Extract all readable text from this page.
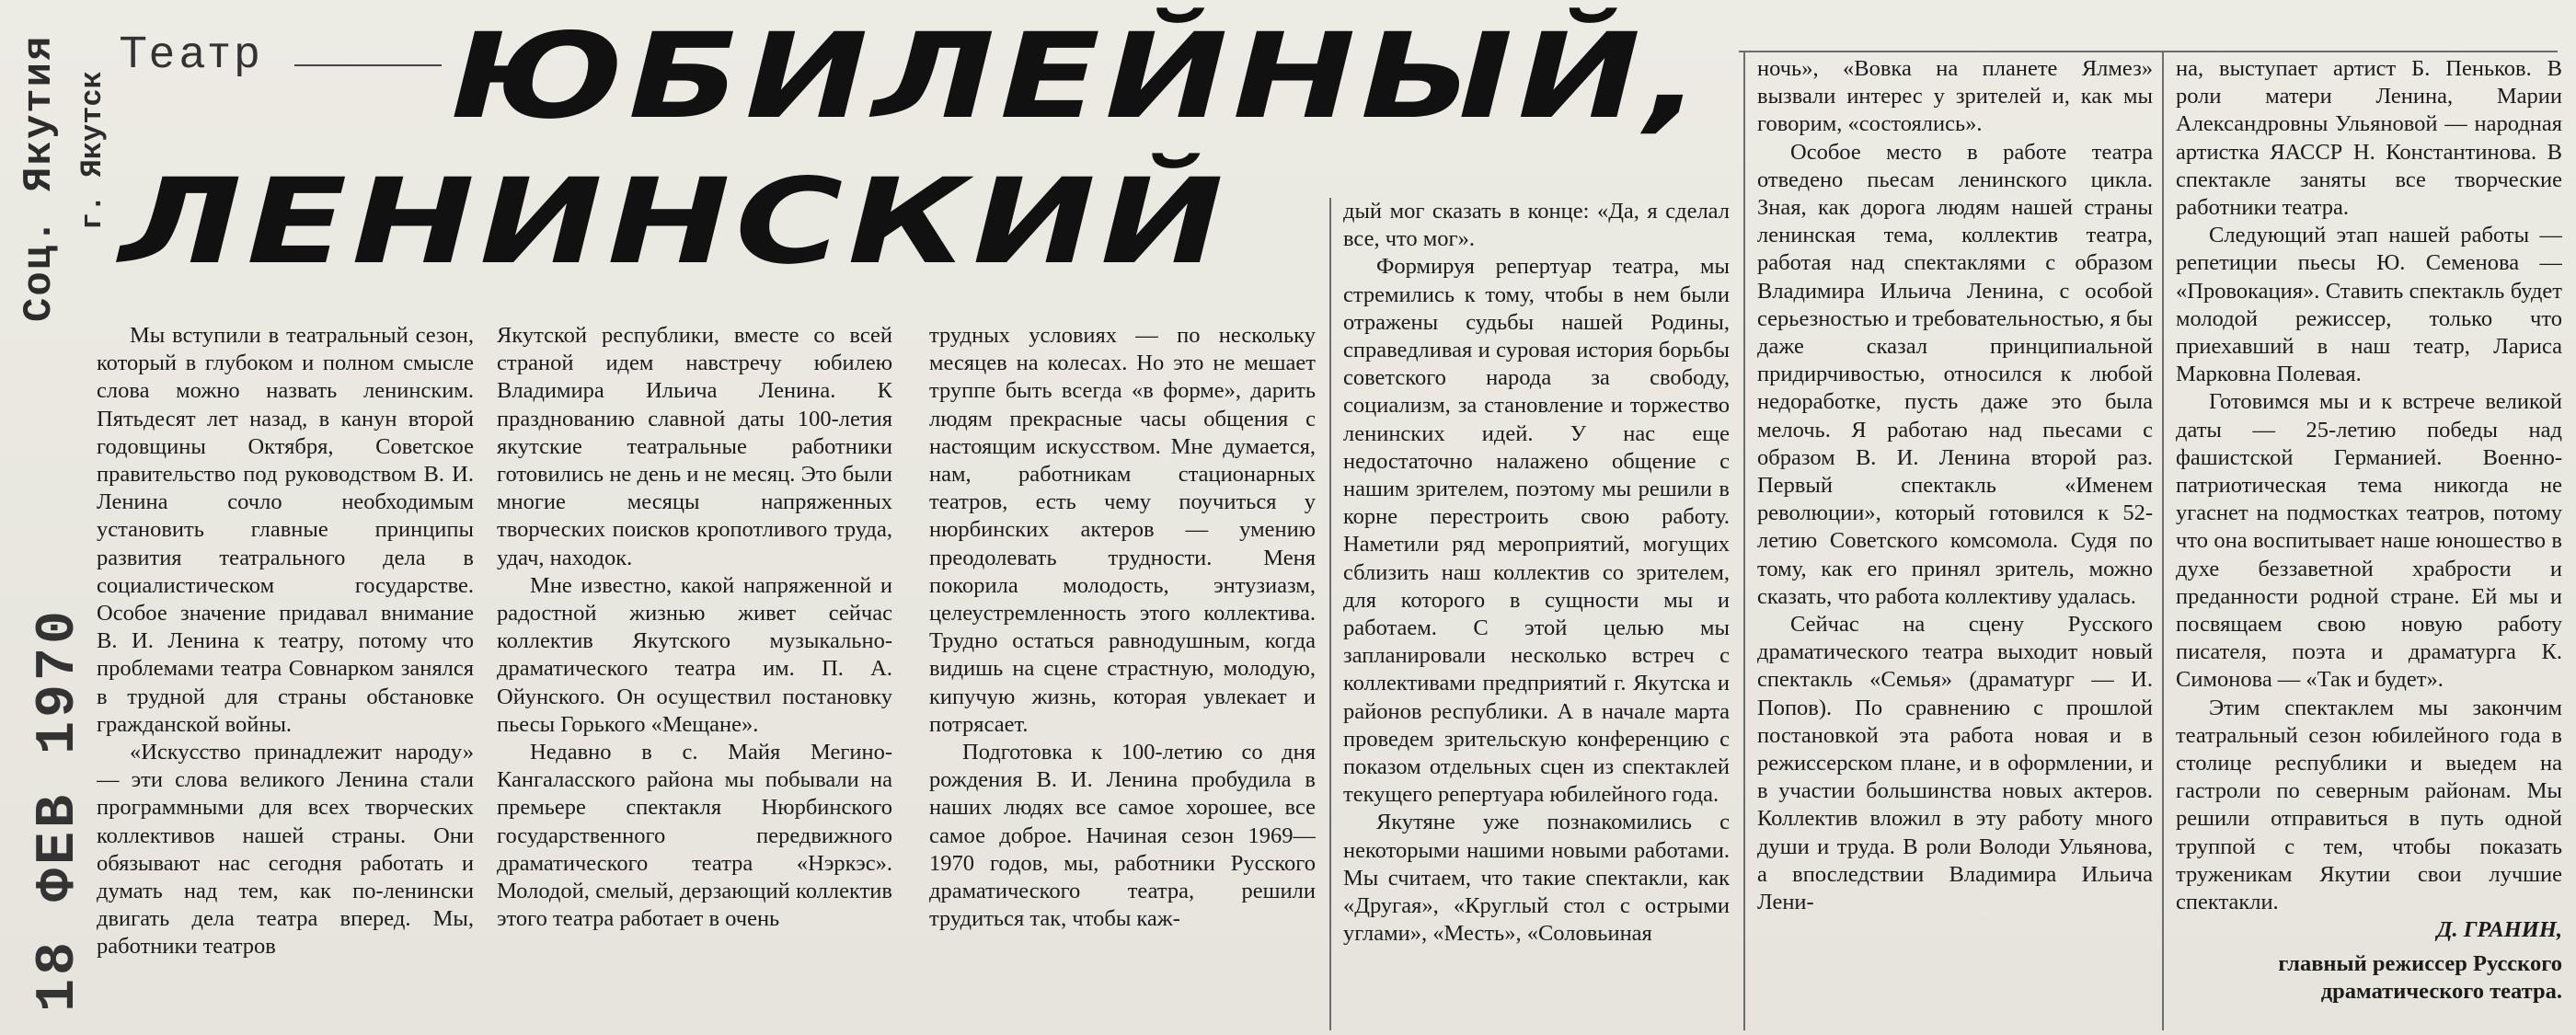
Соц. Якутия г. Якутск
18 ФЕВ 1970
Театр ЮБИЛЕЙНЫЙ,
ЛЕНИНСКИЙ

Мы вступили в театральный сезон, который в глубоком и полном смысле слова можно назвать ленинским. Пятьдесят лет назад, в канун второй годовщины Октября, Советское правительство под руководством В. И. Ленина сочло необходимым установить главные принципы развития театрального дела в социалистическом государстве. Особое значение придавал внимание В. И. Ленина к театру, потому что проблемами театра Совнарком занялся в трудной для страны обстановке гражданской войны.

«Искусство принадлежит народу» — эти слова великого Ленина стали программными для всех творческих коллективов нашей страны. Они обязывают нас сегодня работать и думать над тем, как по-ленински двигать дела театра вперед. Мы, работники театров

Якутской республики, вместе со всей страной идем навстречу юбилею Владимира Ильича Ленина. К празднованию славной даты 100-летия якутские театральные работники готовились не день и не месяц. Это были многие месяцы напряженных творческих поисков кропотливого труда, удач, находок.

Мне известно, какой напряженной и радостной жизнью живет сейчас коллектив Якутского музыкально-драматического театра им. П. А. Ойунского. Он осуществил постановку пьесы Горького «Мещане».

Недавно в с. Майя Мегино-Кангаласского района мы побывали на премьере спектакля Нюрбинского государственного передвижного драматического театра «Нэркэс». Молодой, смелый, дерзающий коллектив этого театра работает в очень

трудных условиях — по нескольку месяцев на колесах. Но это не мешает труппе быть всегда «в форме», дарить людям прекрасные часы общения с настоящим искусством. Мне думается, нам, работникам стационарных театров, есть чему поучиться у нюрбинских актеров — умению преодолевать трудности. Меня покорила молодость, энтузиазм, целеустремленность этого коллектива. Трудно остаться равнодушным, когда видишь на сцене страстную, молодую, кипучую жизнь, которая увлекает и потрясает.

Подготовка к 100-летию со дня рождения В. И. Ленина пробудила в наших людях все самое хорошее, все самое доброе. Начиная сезон 1969—1970 годов, мы, работники Русского драматического театра, решили трудиться так, чтобы каж-

дый мог сказать в конце: «Да, я сделал все, что мог».

Формируя репертуар театра, мы стремились к тому, чтобы в нем были отражены судьбы нашей Родины, справедливая и суровая история борьбы советского народа за свободу, социализм, за становление и торжество ленинских идей. У нас еще недостаточно налажено общение с нашим зрителем, поэтому мы решили в корне перестроить свою работу. Наметили ряд мероприятий, могущих сблизить наш коллектив со зрителем, для которого в сущности мы и работаем. С этой целью мы запланировали несколько встреч с коллективами предприятий г. Якутска и районов республики. А в начале марта проведем зрительскую конференцию с показом отдельных сцен из спектаклей текущего репертуара юбилейного года.

Якутяне уже познакомились с некоторыми нашими новыми работами. Мы считаем, что такие спектакли, как «Другая», «Круглый стол с острыми углами», «Месть», «Соловьиная

ночь», «Вовка на планете Ялмез» вызвали интерес у зрителей и, как мы говорим, «состоялись».

Особое место в работе театра отведено пьесам ленинского цикла. Зная, как дорога людям нашей страны ленинская тема, коллектив театра, работая над спектаклями с образом Владимира Ильича Ленина, с особой серьезностью и требовательностью, я бы даже сказал принципиальной придирчивостью, относился к любой недоработке, пусть даже это была мелочь. Я работаю над пьесами с образом В. И. Ленина второй раз. Первый спектакль «Именем революции», который готовился к 52-летию Советского комсомола. Судя по тому, как его принял зритель, можно сказать, что работа коллективу удалась.

Сейчас на сцену Русского драматического театра выходит новый спектакль «Семья» (драматург — И. Попов). По сравнению с прошлой постановкой эта работа новая и в режиссерском плане, и в оформлении, и в участии большинства новых актеров. Коллектив вложил в эту работу много души и труда. В роли Володи Ульянова, а впоследствии Владимира Ильича Лени-

на, выступает артист Б. Пеньков. В роли матери Ленина, Марии Александровны Ульяновой — народная артистка ЯАССР Н. Константинова. В спектакле заняты все творческие работники театра.

Следующий этап нашей работы — репетиции пьесы Ю. Семенова — «Провокация». Ставить спектакль будет молодой режиссер, только что приехавший в наш театр, Лариса Марковна Полевая.

Готовимся мы и к встрече великой даты — 25-летию победы над фашистской Германией. Военно-патриотическая тема никогда не угаснет на подмостках театров, потому что она воспитывает наше юношество в духе беззаветной храбрости и преданности родной стране. Ей мы и посвящаем свою новую работу писателя, поэта и драматурга К. Симонова — «Так и будет».

Этим спектаклем мы закончим театральный сезон юбилейного года в столице республики и выедем на гастроли по северным районам. Мы решили отправиться в путь одной труппой с тем, чтобы показать труженикам Якутии свои лучшие спектакли.

Д. ГРАНИН,
главный режиссер Русского драматического театра.
